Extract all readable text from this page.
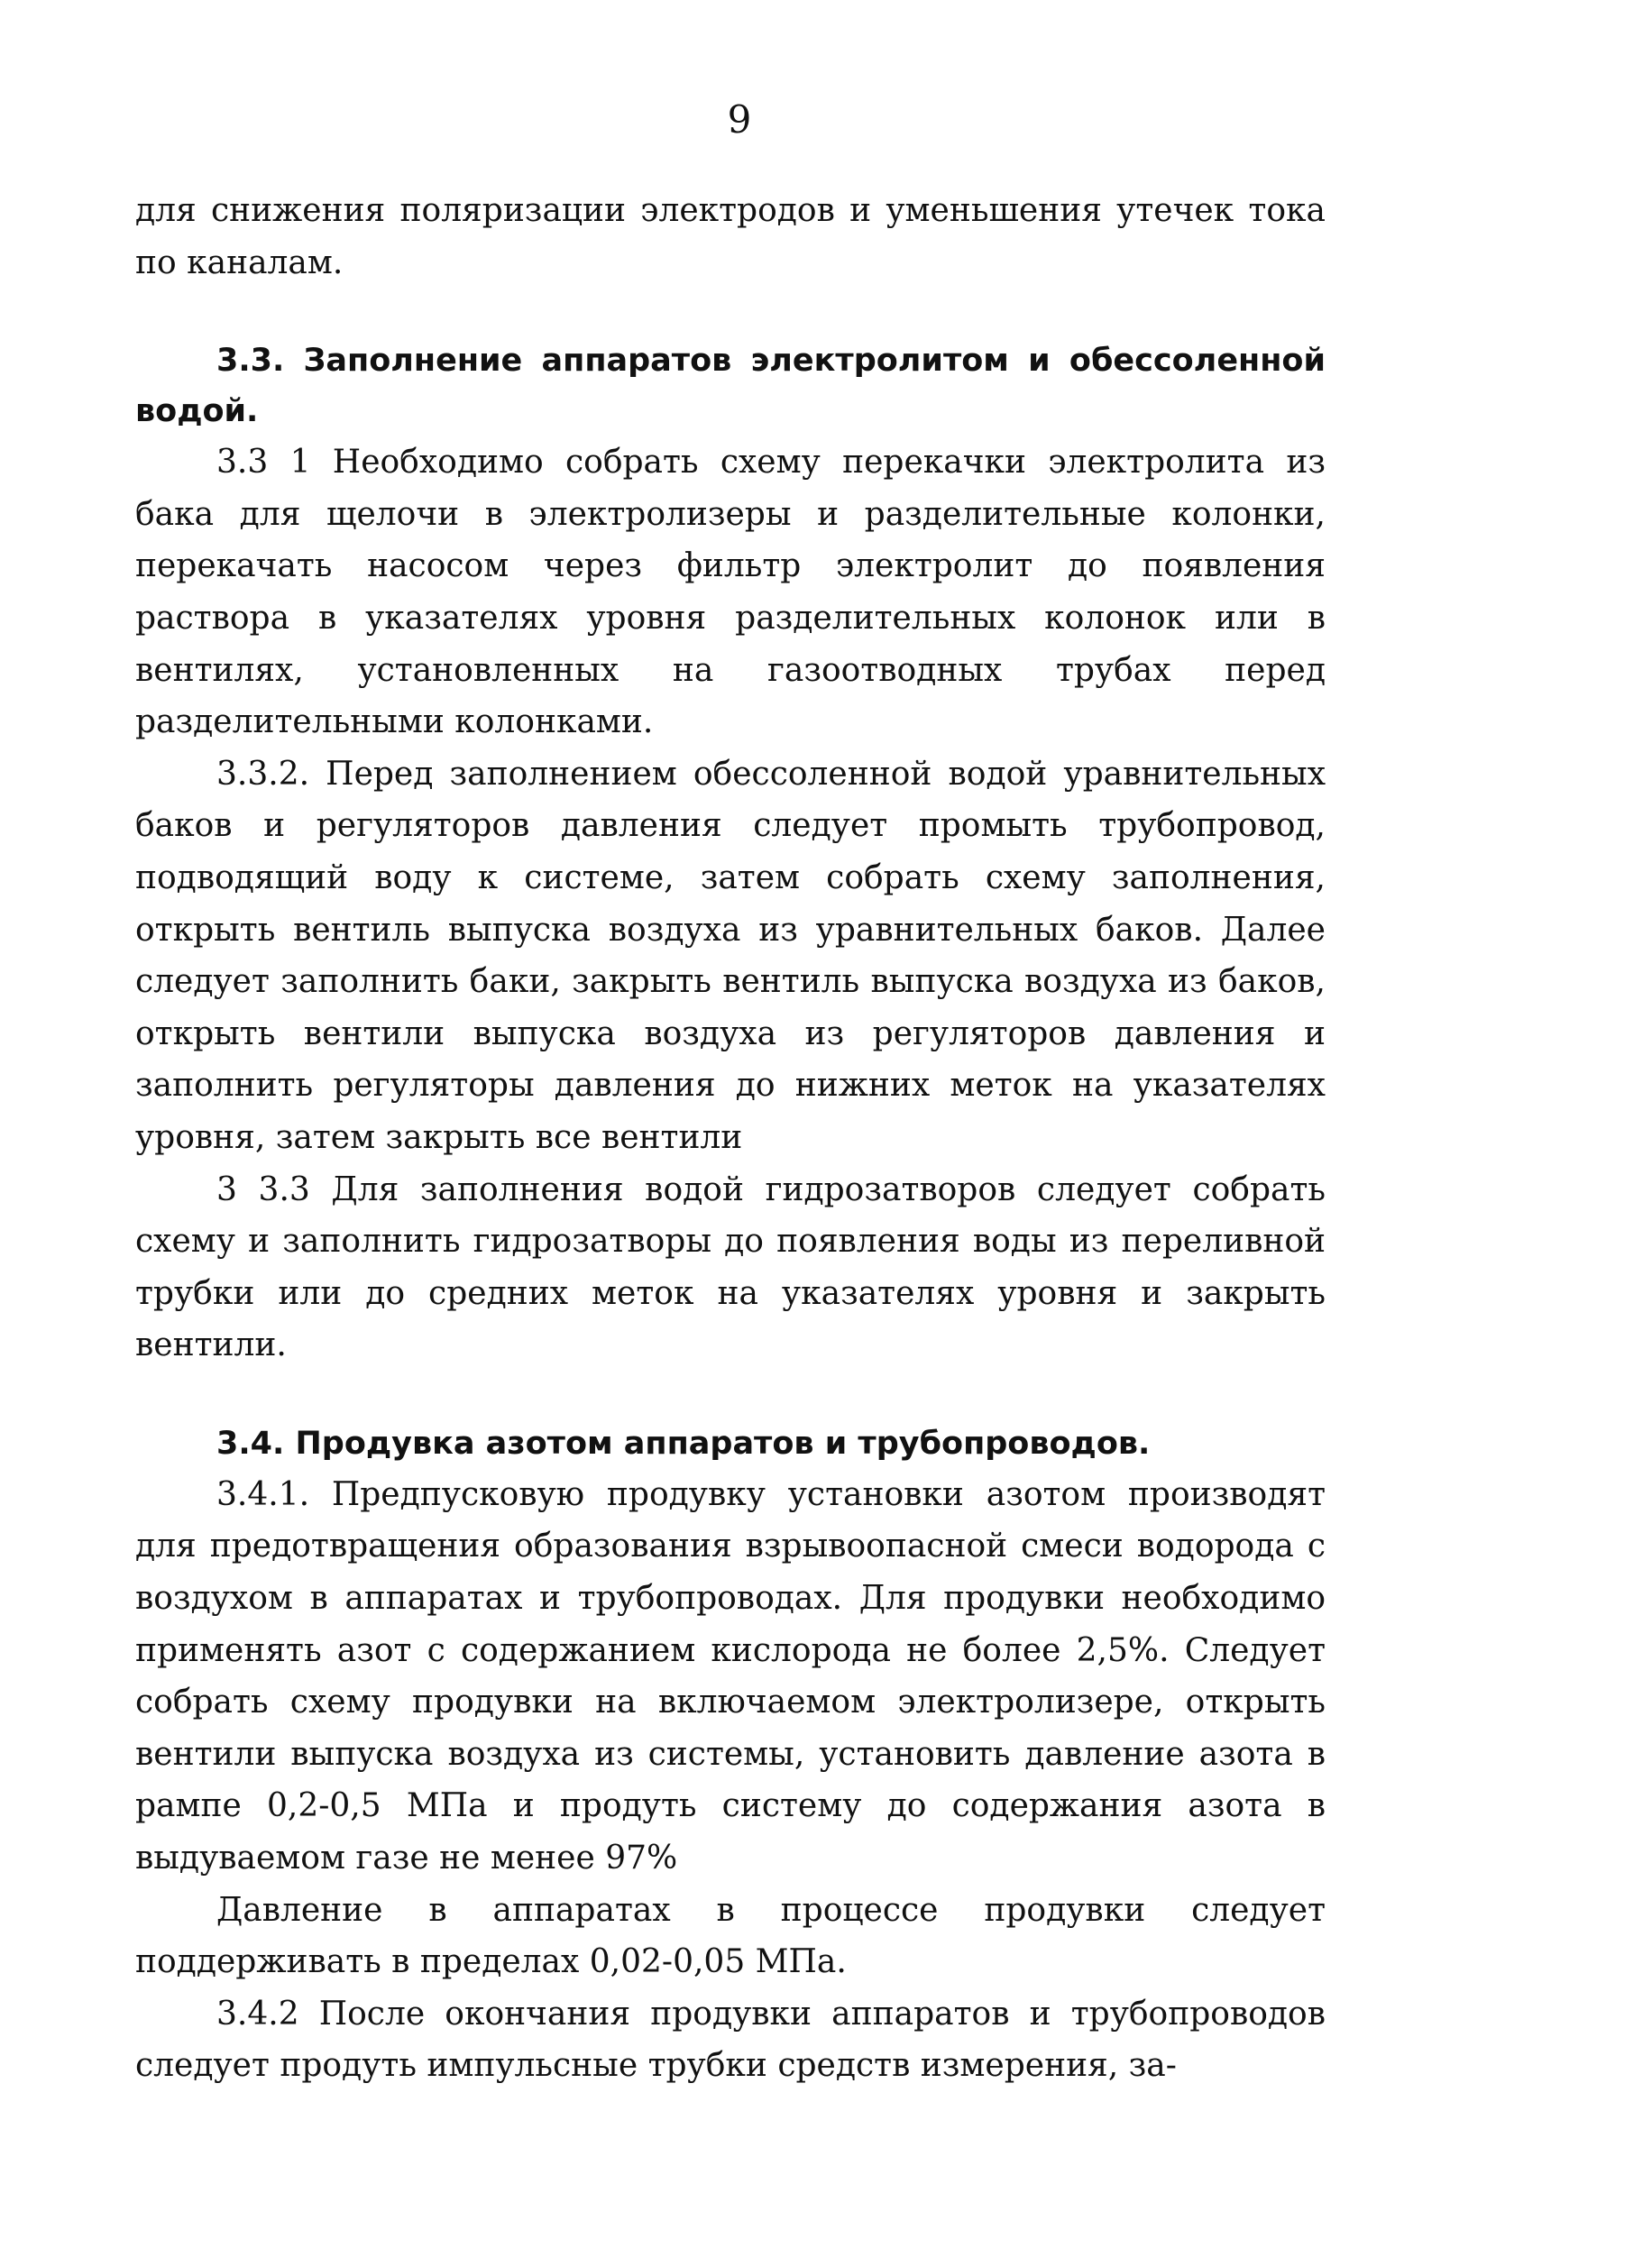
9

для снижения поляризации электродов и уменьшения утечек тока по каналам.

3.3. Заполнение аппаратов электролитом и обессоленной водой.

3.3 1 Необходимо собрать схему перекачки электролита из бака для щелочи в электролизеры и разделительные колонки, перекачать насосом через фильтр электролит до появления раствора в указателях уровня разделительных колонок или в вентилях, установленных на газоотводных трубах перед разделительными колонками.

3.3.2. Перед заполнением обессоленной водой уравнительных баков и регуляторов давления следует промыть трубопровод, подводящий воду к системе, затем собрать схему заполнения, открыть вентиль выпуска воздуха из уравнительных баков. Далее следует заполнить баки, закрыть вентиль выпуска воздуха из баков, открыть вентили выпуска воздуха из регуляторов давления и заполнить регуляторы давления до нижних меток на указателях уровня, затем закрыть все вентили

3 3.3 Для заполнения водой гидрозатворов следует собрать схему и заполнить гидрозатворы до появления воды из переливной трубки или до средних меток на указателях уровня и закрыть вентили.

3.4. Продувка азотом аппаратов и трубопроводов.

3.4.1. Предпусковую продувку установки азотом производят для предотвращения образования взрывоопасной смеси водорода с воздухом в аппаратах и трубопроводах. Для продувки необходимо применять азот с содержанием кислорода не более 2,5%. Следует собрать схему продувки на включаемом электролизере, открыть вентили выпуска воздуха из системы, установить давление азота в рампе 0,2-0,5 МПа и продуть систему до содержания азота в выдуваемом газе не менее 97%

Давление в аппаратах в процессе продувки следует поддерживать в пределах 0,02-0,05 МПа.

3.4.2 После окончания продувки аппаратов и трубопроводов следует продуть импульсные трубки средств измерения, за-
